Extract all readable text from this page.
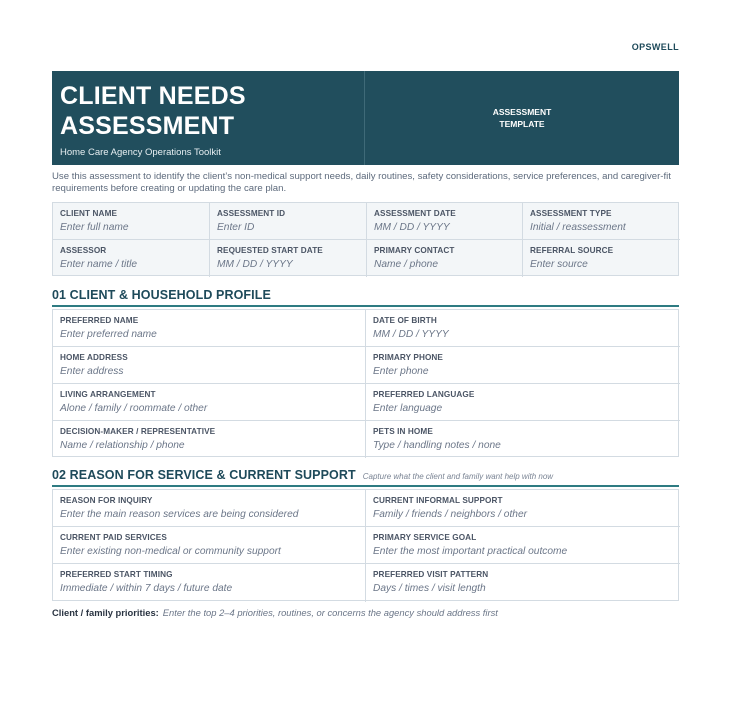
OPSWELL
CLIENT NEEDS
ASSESSMENT
Home Care Agency Operations Toolkit
ASSESSMENT
TEMPLATE
Use this assessment to identify the client’s non-medical support needs, daily routines, safety considerations, service preferences, and caregiver-fit requirements before creating or updating the care plan.
CLIENT NAME
Enter full name
ASSESSMENT ID
Enter ID
ASSESSMENT DATE
MM / DD / YYYY
ASSESSMENT TYPE
Initial / reassessment
ASSESSOR
Enter name / title
REQUESTED START DATE
MM / DD / YYYY
PRIMARY CONTACT
Name / phone
REFERRAL SOURCE
Enter source
01 CLIENT & HOUSEHOLD PROFILE
PREFERRED NAME
Enter preferred name
DATE OF BIRTH
MM / DD / YYYY
HOME ADDRESS
Enter address
PRIMARY PHONE
Enter phone
LIVING ARRANGEMENT
Alone / family / roommate / other
PREFERRED LANGUAGE
Enter language
DECISION-MAKER / REPRESENTATIVE
Name / relationship / phone
PETS IN HOME
Type / handling notes / none
02 REASON FOR SERVICE & CURRENT SUPPORT Capture what the client and family want help with now
REASON FOR INQUIRY
Enter the main reason services are being considered
CURRENT INFORMAL SUPPORT
Family / friends / neighbors / other
CURRENT PAID SERVICES
Enter existing non-medical or community support
PRIMARY SERVICE GOAL
Enter the most important practical outcome
PREFERRED START TIMING
Immediate / within 7 days / future date
PREFERRED VISIT PATTERN
Days / times / visit length
Client / family priorities: Enter the top 2–4 priorities, routines, or concerns the agency should address first
